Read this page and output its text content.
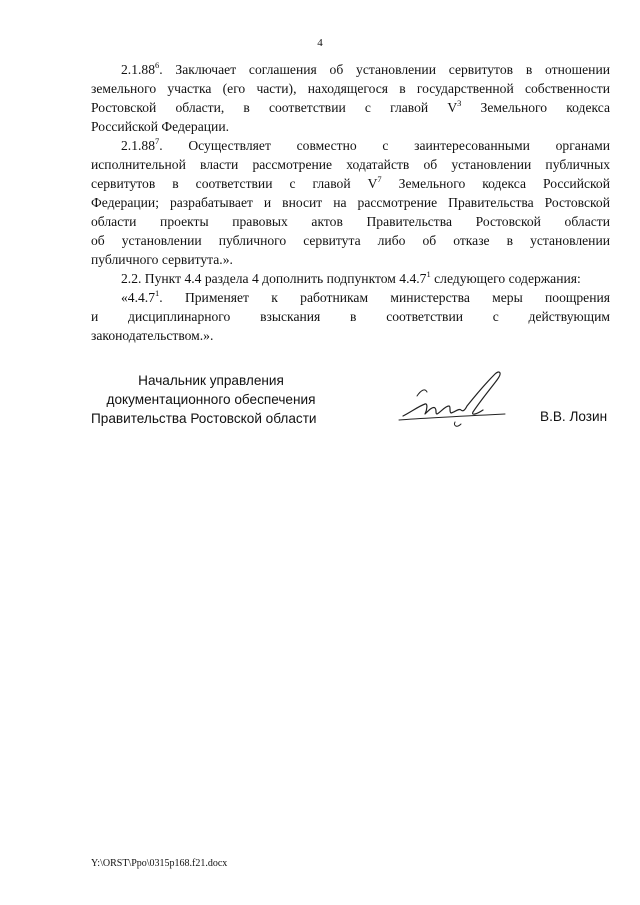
4

2.1.88$^6$. Заключает соглашения об установлении сервитутов в отношении
земельного участка (его части), находящегося в государственной собственности
Ростовской области, в соответствии с главой $V^3$ Земельного кодекса
Российской Федерации.

2.1.88$^7$. Осуществляет совместно с заинтересованными органами
исполнительной власти рассмотрение ходатайств об установлении публичных
сервитутов в соответствии с главой $V^7$ Земельного кодекса Российской
Федерации; разрабатывает и вносит на рассмотрение Правительства Ростовской
области проекты правовых актов Правительства Ростовской области
об установлении публичного сервитута либо об отказе в установлении
публичного сервитута.».

2.2. Пункт 4.4 раздела 4 дополнить подпунктом 4.4.7$^1$ следующего содержания:

«4.4.7$^1$. Применяет к работникам министерства меры поощрения
и дисциплинарного взыскания в соответствии с действующим
законодательством.».

Начальник управления
документационного обеспечения
Правительства Ростовской области	В.В. Лозин
Y:\ORST\Ppo\0315p168.f21.docx
